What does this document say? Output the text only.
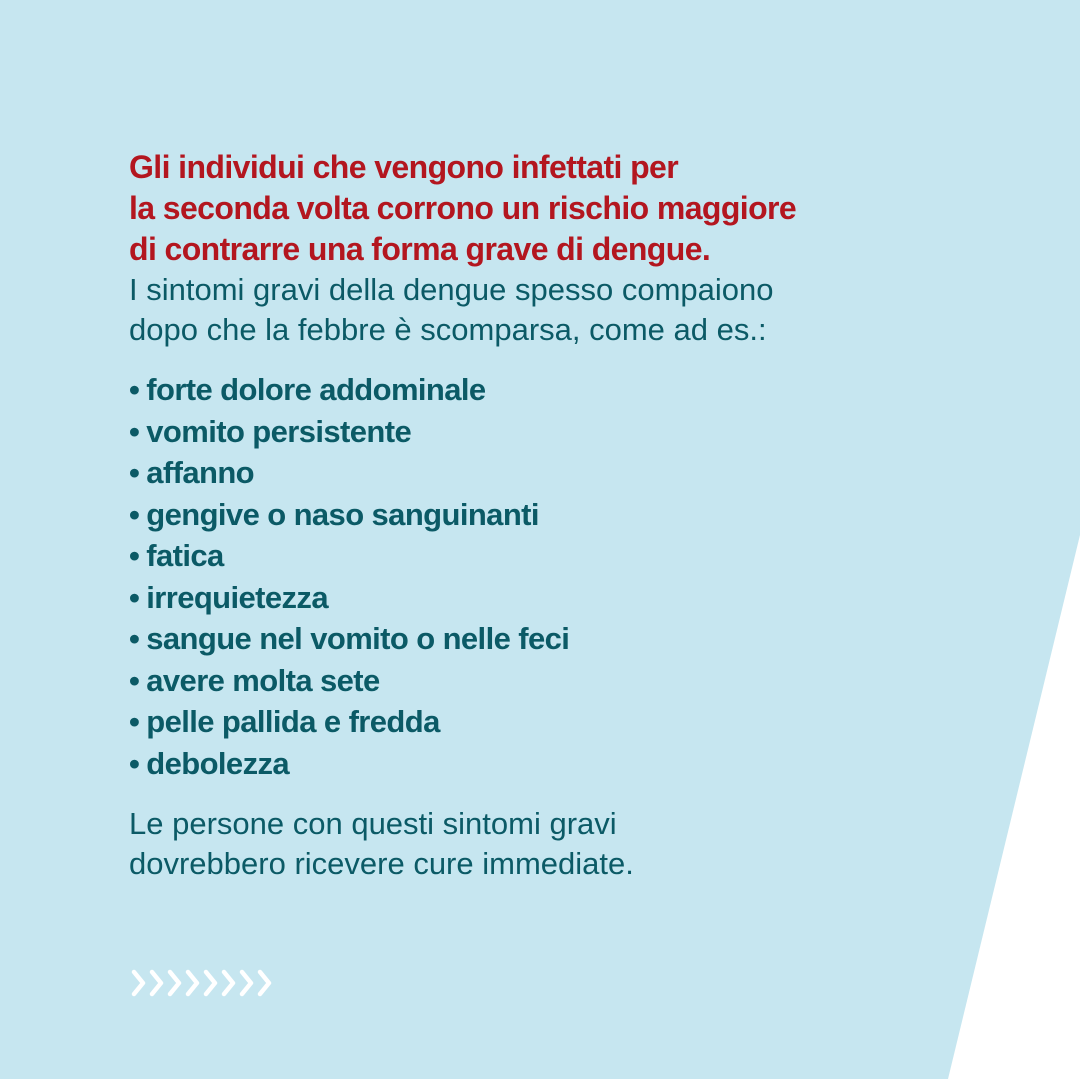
Gli individui che vengono infettati per
la seconda volta corrono un rischio maggiore
di contrarre una forma grave di dengue.

I sintomi gravi della dengue spesso compaiono
dopo che la febbre è scomparsa, come ad es.:

• forte dolore addominale
• vomito persistente
• affanno
• gengive o naso sanguinanti
• fatica
• irrequietezza
• sangue nel vomito o nelle feci
• avere molta sete
• pelle pallida e fredda
• debolezza

Le persone con questi sintomi gravi
dovrebbero ricevere cure immediate.
